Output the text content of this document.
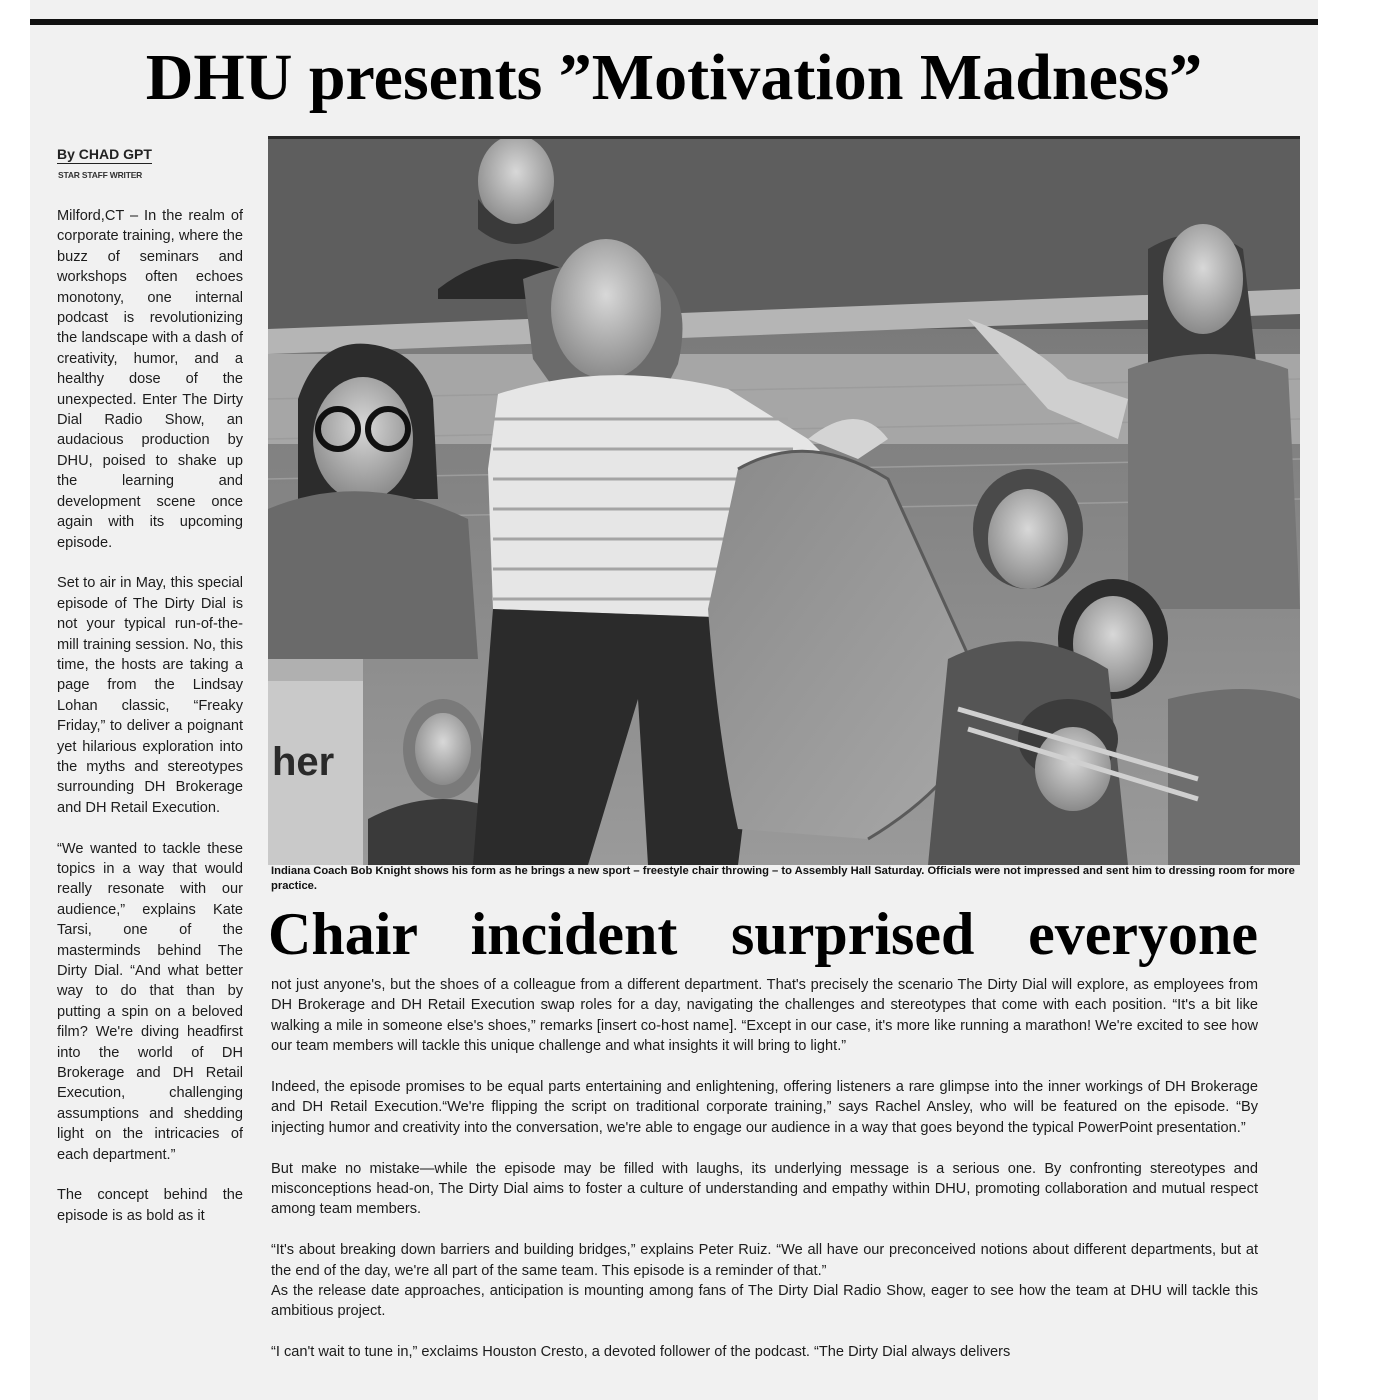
DHU presents ”Motivation Madness”
By CHAD GPT
STAR STAFF WRITER

Milford,CT – In the realm of corporate training, where the buzz of seminars and workshops often echoes monotony, one internal podcast is revolutionizing the landscape with a dash of creativity, humor, and a healthy dose of the unexpected. Enter The Dirty Dial Radio Show, an audacious production by DHU, poised to shake up the learning and development scene once again with its upcoming episode.

Set to air in May, this special episode of The Dirty Dial is not your typical run-of-the-mill training session. No, this time, the hosts are taking a page from the Lindsay Lohan classic, “Freaky Friday,” to deliver a poignant yet hilarious exploration into the myths and stereotypes surrounding DH Brokerage and DH Retail Execution.

“We wanted to tackle these topics in a way that would really resonate with our audience,” explains Kate Tarsi, one of the masterminds behind The Dirty Dial. “And what better way to do that than by putting a spin on a beloved film? We're diving headfirst into the world of DH Brokerage and DH Retail Execution, challenging assumptions and shedding light on the intricacies of each department.”

The concept behind the episode is as bold as it

her
Indiana Coach Bob Knight shows his form as he brings a new sport – freestyle chair throwing – to Assembly Hall Saturday. Officials were not impressed and sent him to dressing room for more practice.
Chair incident surprised everyone

not just anyone's, but the shoes of a colleague from a different department. That's precisely the scenario The Dirty Dial will explore, as employees from DH Brokerage and DH Retail Execution swap roles for a day, navigating the challenges and stereotypes that come with each position. “It's a bit like walking a mile in someone else's shoes,” remarks [insert co-host name]. “Except in our case, it's more like running a marathon! We're excited to see how our team members will tackle this unique challenge and what insights it will bring to light.”

Indeed, the episode promises to be equal parts entertaining and enlightening, offering listeners a rare glimpse into the inner workings of DH Brokerage and DH Retail Execution.“We're flipping the script on traditional corporate training,” says Rachel Ansley, who will be featured on the episode. “By injecting humor and creativity into the conversation, we're able to engage our audience in a way that goes beyond the typical PowerPoint presentation.”

But make no mistake—while the episode may be filled with laughs, its underlying message is a serious one. By confronting stereotypes and misconceptions head-on, The Dirty Dial aims to foster a culture of understanding and empathy within DHU, promoting collaboration and mutual respect among team members.

“It's about breaking down barriers and building bridges,” explains Peter Ruiz. “We all have our preconceived notions about different departments, but at the end of the day, we're all part of the same team. This episode is a reminder of that.”

As the release date approaches, anticipation is mounting among fans of The Dirty Dial Radio Show, eager to see how the team at DHU will tackle this ambitious project.

“I can't wait to tune in,” exclaims Houston Cresto, a devoted follower of the podcast. “The Dirty Dial always delivers
